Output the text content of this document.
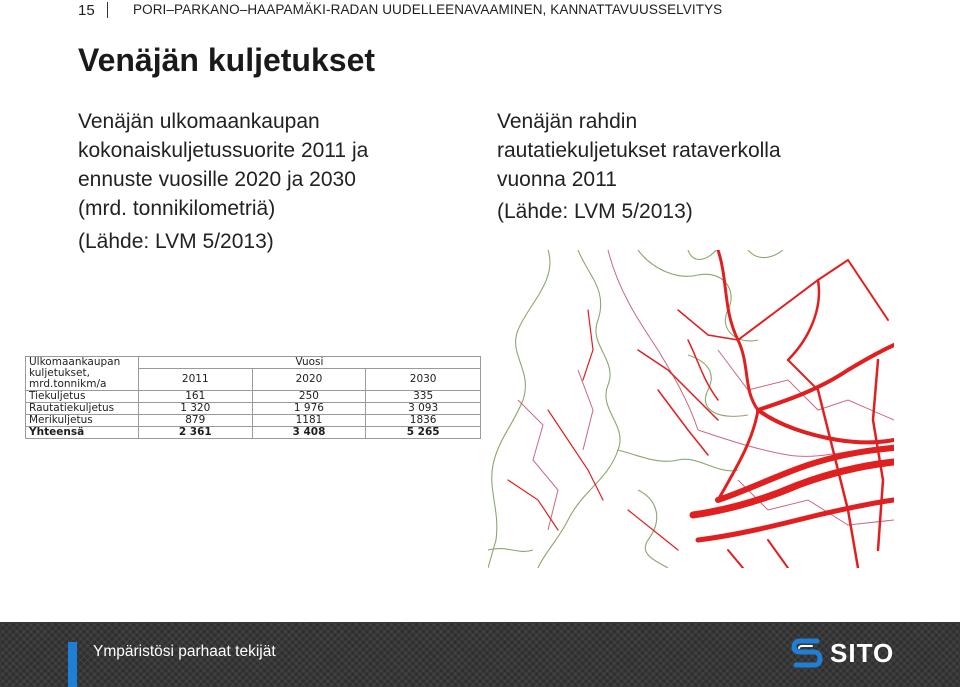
15	PORI–PARKANO–HAAPAMÄKI-RADAN UUDELLEENAVAAMINEN, KANNATTAVUUSSELVITYS
Venäjän kuljetukset
Venäjän ulkomaankaupan
kokonaiskuljetussuorite 2011 ja
ennuste vuosille 2020 ja 2030
(mrd. tonnikilometriä)
(Lähde: LVM 5/2013)
Venäjän rahdin
rautatiekuljetukset rataverkolla
vuonna 2011
(Lähde: LVM 5/2013)
Ulkomaankaupan
kuljetukset,
mrd.tonnikm/a	Vuosi		
	2011	2020	2030

Tiekuljetus	161	250	335
Rautatiekuljetus	1 320	1 976	3 093
Merikuljetus	879	1181	1836
Yhteensä	2 361	3 408	5 265
Ympäristösi parhaat tekijät	SITO
